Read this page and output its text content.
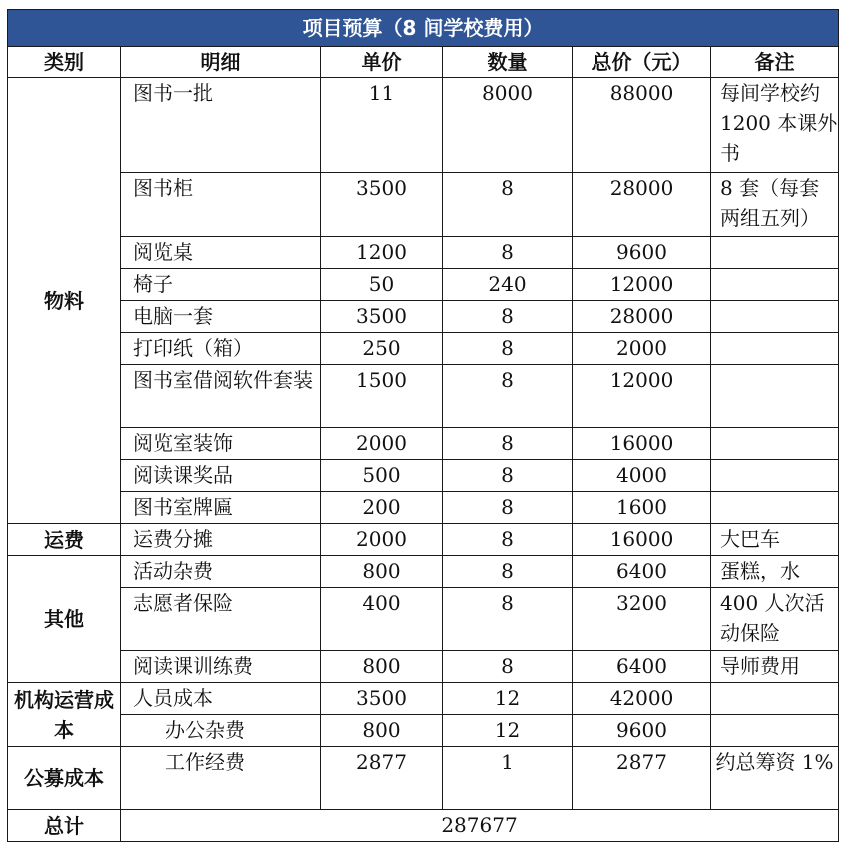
项目预算（8 间学校费用）					
类别	明细	单价	数量	总价（元）	备注
物料	图书一批	11	8000	88000	每间学校约 1200 本课外书
	图书柜	3500	8	28000	8 套（每套两组五列）
	阅览桌	1200	8	9600	
	椅子	50	240	12000	
	电脑一套	3500	8	28000	
	打印纸（箱）	250	8	2000	
	图书室借阅软件套装	1500	8	12000	
	阅览室装饰	2000	8	16000	
	阅读课奖品	500	8	4000	
	图书室牌匾	200	8	1600	
运费	运费分摊	2000	8	16000	大巴车
其他	活动杂费	800	8	6400	蛋糕，水
	志愿者保险	400	8	3200	400 人次活动保险
	阅读课训练费	800	8	6400	导师费用
机构运营成本	人员成本	3500	12	42000	
	办公杂费	800	12	9600	
公募成本	工作经费	2877	1	2877	约总筹资 1%
总计	287677				
